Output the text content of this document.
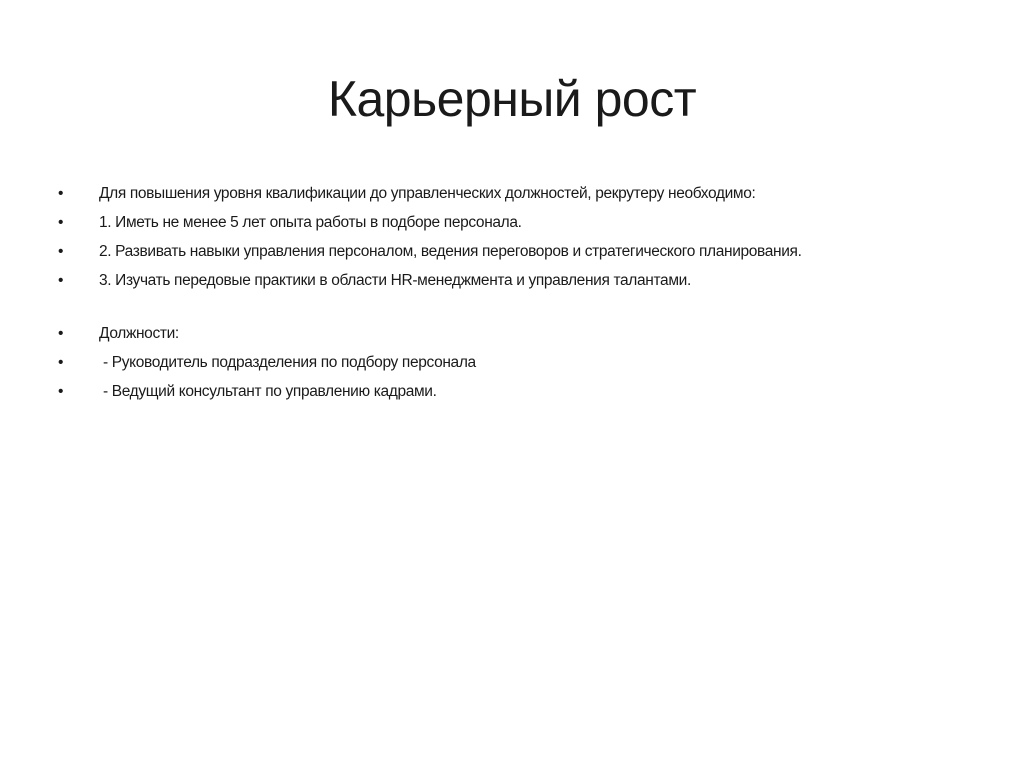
Карьерный рост
• Для повышения уровня квалификации до управленческих должностей, рекрутеру необходимо:
• 1. Иметь не менее 5 лет опыта работы в подборе персонала.
• 2. Развивать навыки управления персоналом, ведения переговоров и стратегического планирования.
• 3. Изучать передовые практики в области HR-менеджмента и управления талантами.
• Должности:
• - Руководитель подразделения по подбору персонала
• - Ведущий консультант по управлению кадрами.
